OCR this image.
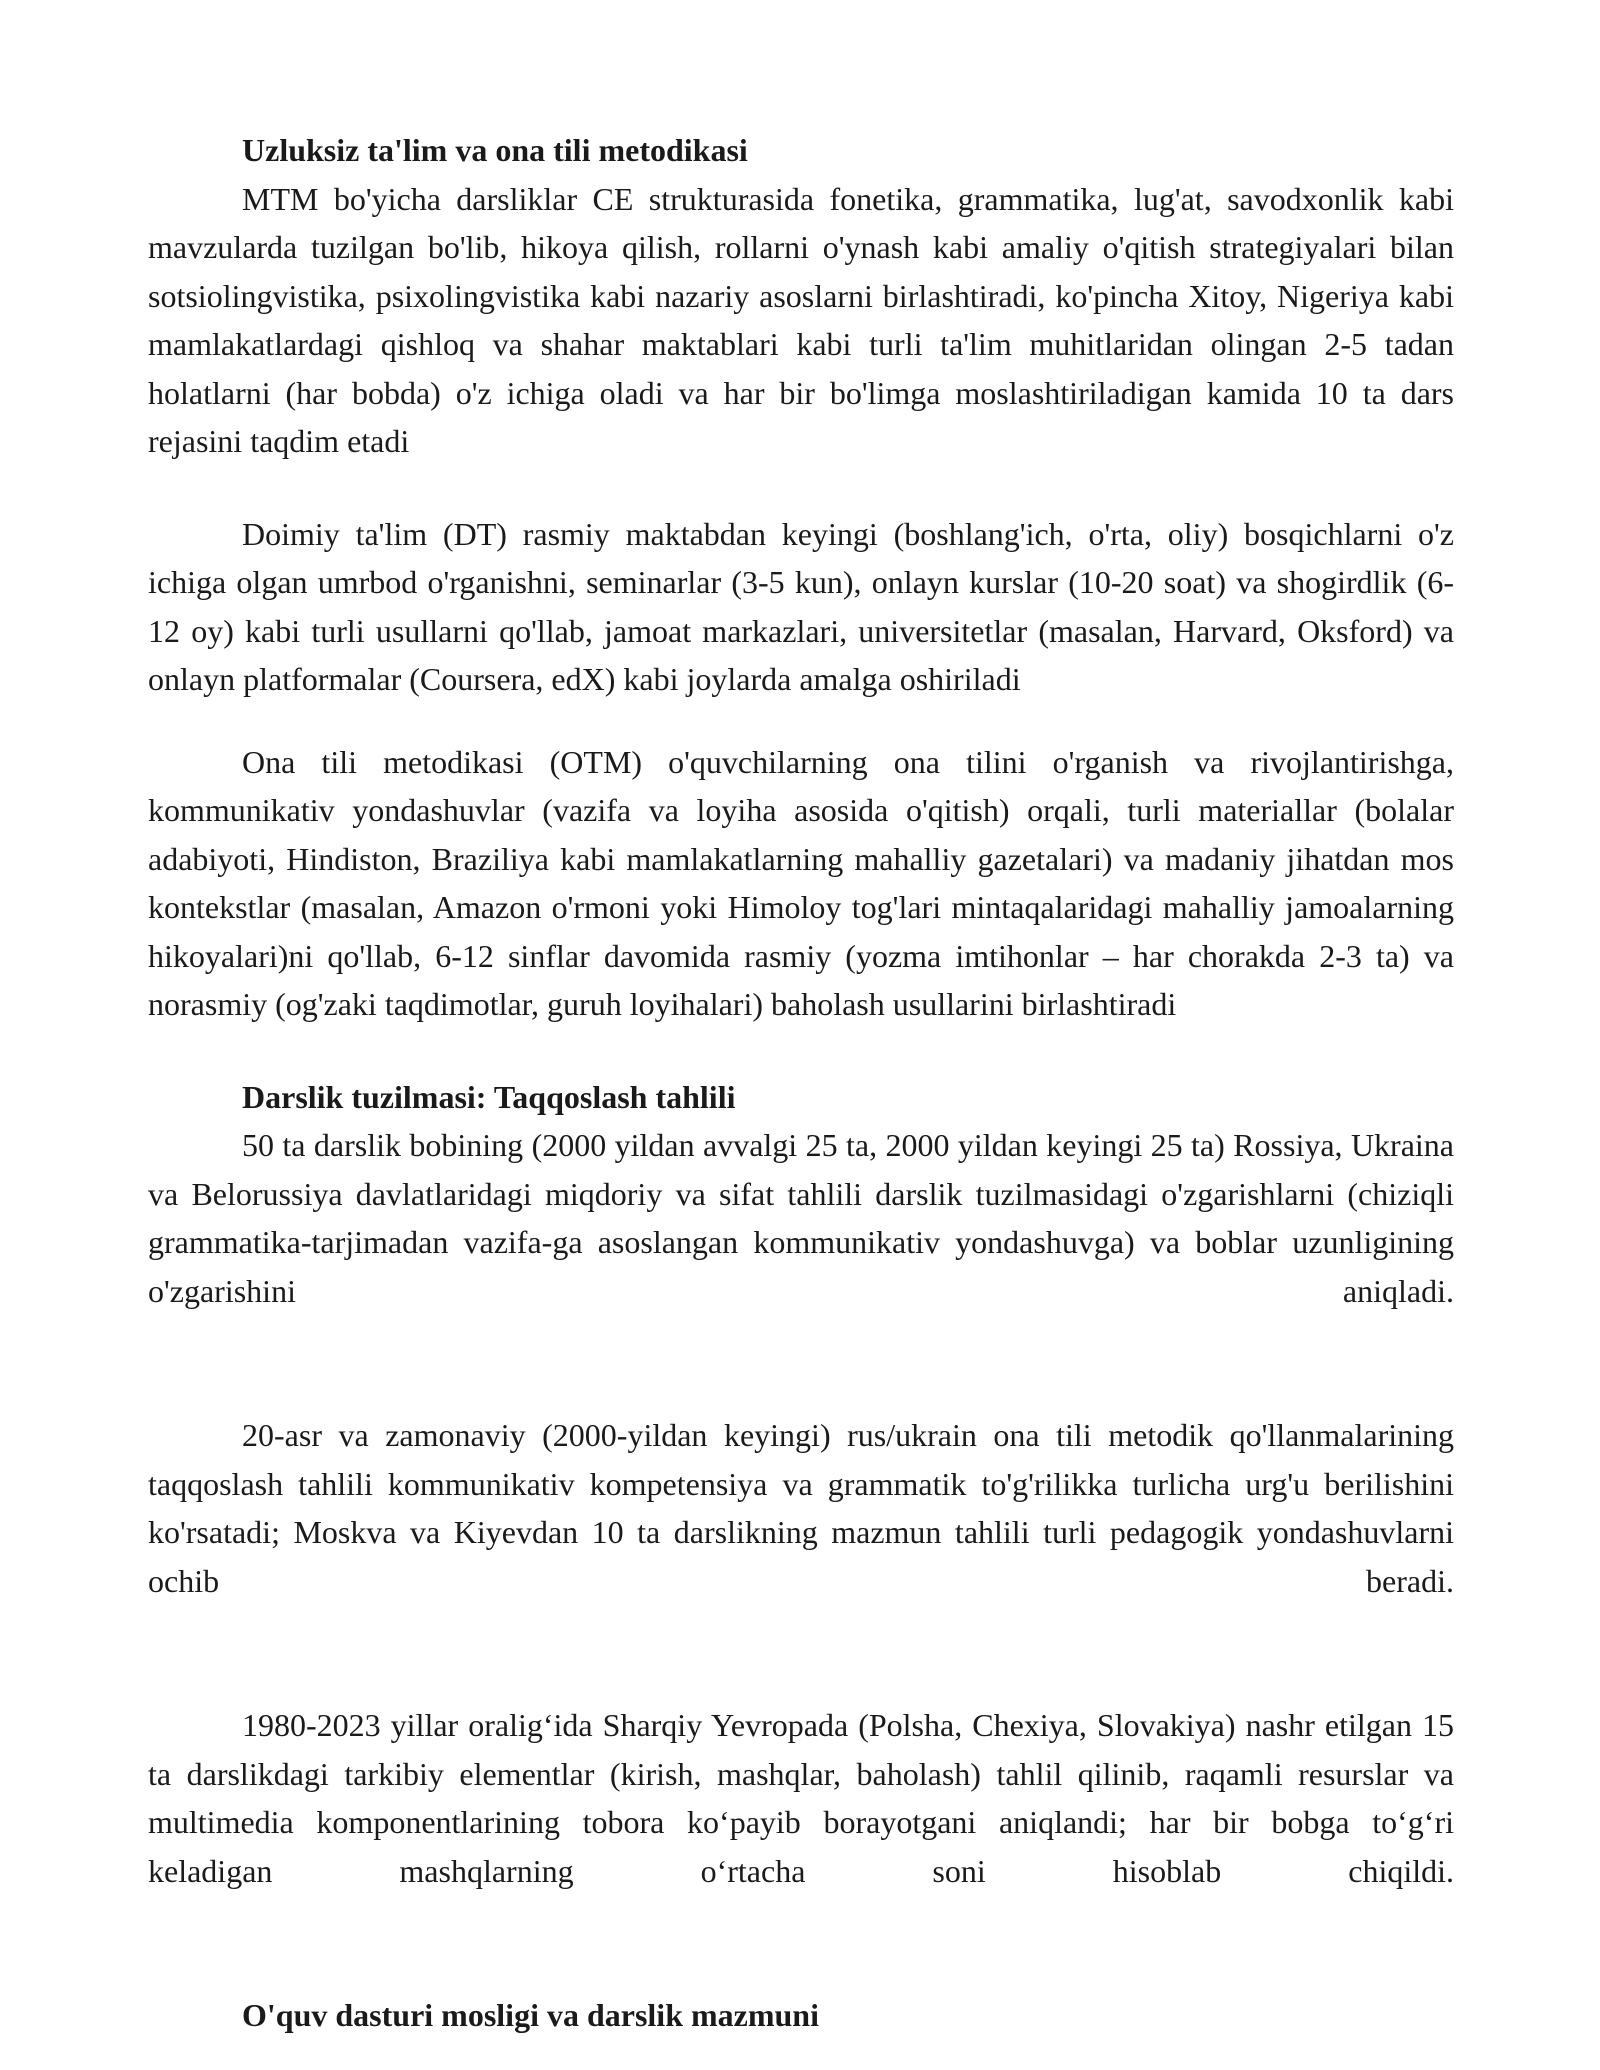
Uzluksiz ta'lim va ona tili metodikasi
MTM bo'yicha darsliklar CE strukturasida fonetika, grammatika, lug'at, savodxonlik kabi mavzularda tuzilgan bo'lib, hikoya qilish, rollarni o'ynash kabi amaliy o'qitish strategiyalari bilan sotsiolingvistika, psixolingvistika kabi nazariy asoslarni birlashtiradi, ko'pincha Xitoy, Nigeriya kabi mamlakatlardagi qishloq va shahar maktablari kabi turli ta'lim muhitlaridan olingan 2-5 tadan holatlarni (har bobda) o'z ichiga oladi va har bir bo'limga moslashtiriladigan kamida 10 ta dars rejasini taqdim etadi
Doimiy ta'lim (DT) rasmiy maktabdan keyingi (boshlang'ich, o'rta, oliy) bosqichlarni o'z ichiga olgan umrbod o'rganishni, seminarlar (3-5 kun), onlayn kurslar (10-20 soat) va shogirdlik (6-12 oy) kabi turli usullarni qo'llab, jamoat markazlari, universitetlar (masalan, Harvard, Oksford) va onlayn platformalar (Coursera, edX) kabi joylarda amalga oshiriladi
Ona tili metodikasi (OTM) o'quvchilarning ona tilini o'rganish va rivojlantirishga, kommunikativ yondashuvlar (vazifa va loyiha asosida o'qitish) orqali, turli materiallar (bolalar adabiyoti, Hindiston, Braziliya kabi mamlakatlarning mahalliy gazetalari) va madaniy jihatdan mos kontekstlar (masalan, Amazon o'rmoni yoki Himoloy tog'lari mintaqalaridagi mahalliy jamoalarning hikoyalari)ni qo'llab, 6-12 sinflar davomida rasmiy (yozma imtihonlar – har chorakda 2-3 ta) va norasmiy (og'zaki taqdimotlar, guruh loyihalari) baholash usullarini birlashtiradi
Darslik tuzilmasi: Taqqoslash tahlili
50 ta darslik bobining (2000 yildan avvalgi 25 ta, 2000 yildan keyingi 25 ta) Rossiya, Ukraina va Belorussiya davlatlaridagi miqdoriy va sifat tahlili darslik tuzilmasidagi o'zgarishlarni (chiziqli grammatika-tarjimadan vazifa-ga asoslangan kommunikativ yondashuvga) va boblar uzunligining o'zgarishini aniqladi.
20-asr va zamonaviy (2000-yildan keyingi) rus/ukrain ona tili metodik qo'llanmalarining taqqoslash tahlili kommunikativ kompetensiya va grammatik to'g'rilikka turlicha urg'u berilishini ko'rsatadi; Moskva va Kiyevdan 10 ta darslikning mazmun tahlili turli pedagogik yondashuvlarni ochib beradi.
1980-2023 yillar oralig‘ida Sharqiy Yevropada (Polsha, Chexiya, Slovakiya) nashr etilgan 15 ta darslikdagi tarkibiy elementlar (kirish, mashqlar, baholash) tahlil qilinib, raqamli resurslar va multimedia komponentlarining tobora ko‘payib borayotgani aniqlandi; har bir bobga to‘g‘ri keladigan mashqlarning o‘rtacha soni hisoblab chiqildi.
O'quv dasturi mosligi va darslik mazmuni
